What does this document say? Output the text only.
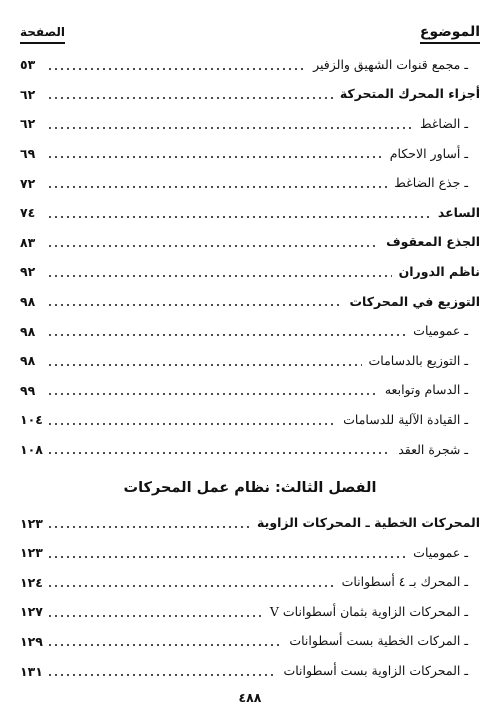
الموضوع
الصفحة
ـ مجمع قنوات الشهيق والزفير
٥٣
أجزاء المحرك المتحركة
٦٢
ـ الضاغط
٦٢
ـ أساور الاحكام
٦٩
ـ جذع الضاغط
٧٢
الساعد
٧٤
الجذع المعقوف
٨٣
ناظم الدوران
٩٢
التوزيع في المحركات
٩٨
ـ عموميات
٩٨
ـ التوزيع بالدسامات
٩٨
ـ الدسام وتوابعه
٩٩
ـ القيادة الآلية للدسامات
١٠٤
ـ شجرة العقد
١٠٨
الفصل الثالث: نظام عمل المحركات
المحركات الخطية ـ المحركات الزاوية
١٢٣
ـ عموميات
١٢٣
ـ المحرك بـ ٤ أسطوانات
١٢٤
ـ المحركات الزاوية بثمان أسطوانات V
١٢٧
ـ المركات الخطية بست أسطوانات
١٢٩
ـ المحركات الزاوية بست أسطوانات
١٣١
٤٨٨
